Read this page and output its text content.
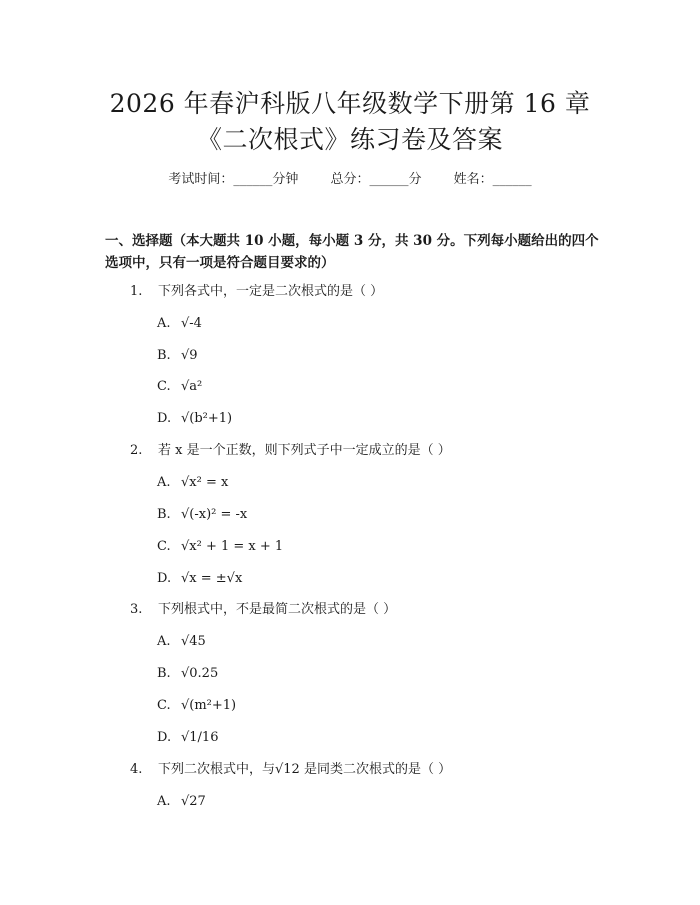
2026 年春沪科版八年级数学下册第 16 章
《二次根式》练习卷及答案
考试时间：______分钟 总分：______分 姓名：______
一、选择题（本大题共 10 小题，每小题 3 分，共 30 分。下列每小题给出的四个选项中，只有一项是符合题目要求的）
1. 下列各式中，一定是二次根式的是（ ）
A. √-4
B. √9
C. √a²
D. √(b²+1)
2. 若 x 是一个正数，则下列式子中一定成立的是（ ）
A. √x² = x
B. √(-x)² = -x
C. √x² + 1 = x + 1
D. √x = ±√x
3. 下列根式中，不是最简二次根式的是（ ）
A. √45
B. √0.25
C. √(m²+1)
D. √1/16
4. 下列二次根式中，与√12 是同类二次根式的是（ ）
A. √27
